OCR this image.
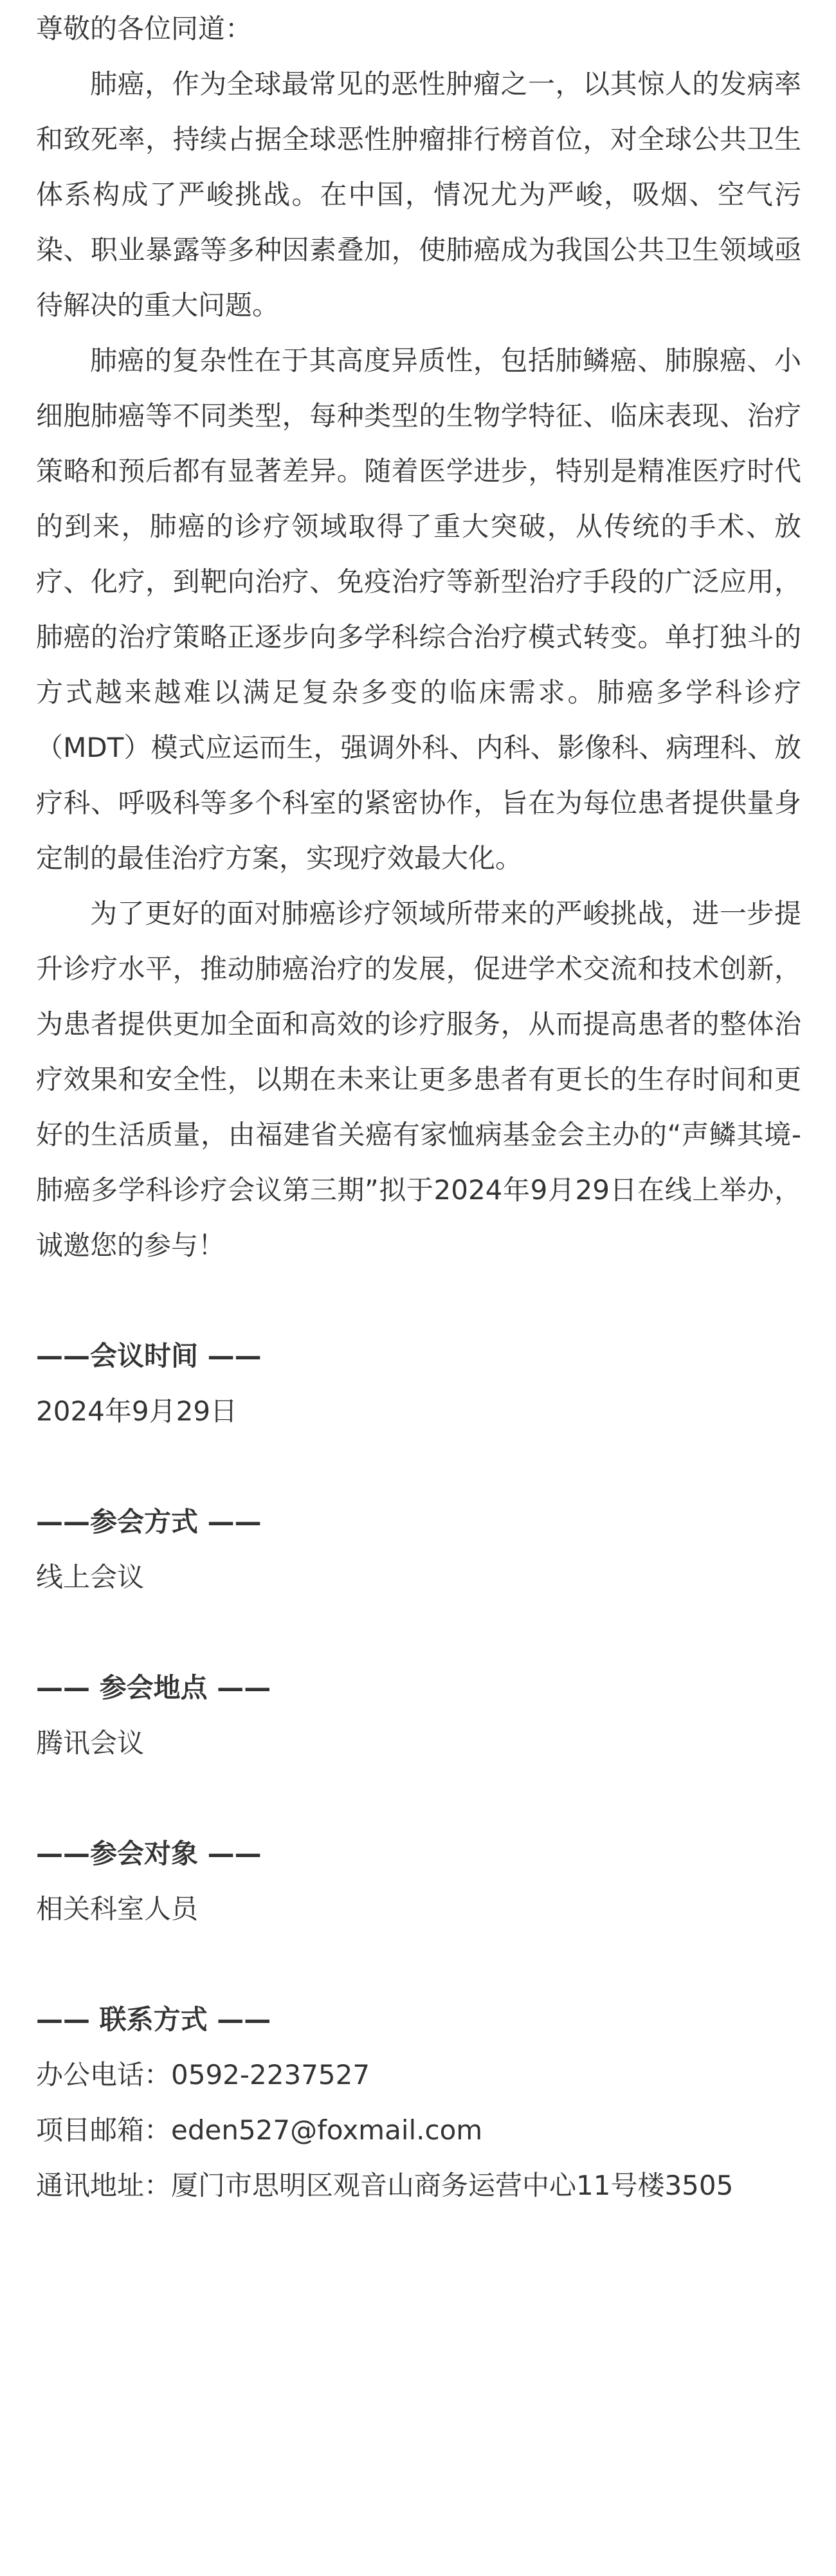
尊敬的各位同道：

肺癌，作为全球最常见的恶性肿瘤之一，以其惊人的发病率和致死率，持续占据全球恶性肿瘤排行榜首位，对全球公共卫生体系构成了严峻挑战。在中国，情况尤为严峻，吸烟、空气污染、职业暴露等多种因素叠加，使肺癌成为我国公共卫生领域亟待解决的重大问题。

肺癌的复杂性在于其高度异质性，包括肺鳞癌、肺腺癌、小细胞肺癌等不同类型，每种类型的生物学特征、临床表现、治疗策略和预后都有显著差异。随着医学进步，特别是精准医疗时代的到来，肺癌的诊疗领域取得了重大突破，从传统的手术、放疗、化疗，到靶向治疗、免疫治疗等新型治疗手段的广泛应用，肺癌的治疗策略正逐步向多学科综合治疗模式转变。单打独斗的方式越来越难以满足复杂多变的临床需求。肺癌多学科诊疗（MDT）模式应运而生，强调外科、内科、影像科、病理科、放疗科、呼吸科等多个科室的紧密协作，旨在为每位患者提供量身定制的最佳治疗方案，实现疗效最大化。

为了更好的面对肺癌诊疗领域所带来的严峻挑战，进一步提升诊疗水平，推动肺癌治疗的发展，促进学术交流和技术创新，为患者提供更加全面和高效的诊疗服务，从而提高患者的整体治疗效果和安全性，以期在未来让更多患者有更长的生存时间和更好的生活质量，由福建省关癌有家恤病基金会主办的“声鳞其境-肺癌多学科诊疗会议第三期”拟于2024年9月29日在线上举办，诚邀您的参与！

——会议时间 ——

2024年9月29日

——参会方式 ——

线上会议

—— 参会地点 ——

腾讯会议

——参会对象 ——

相关科室人员

—— 联系方式 ——

办公电话：0592-2237527

项目邮箱：eden527@foxmail.com

通讯地址：厦门市思明区观音山商务运营中心11号楼3505
